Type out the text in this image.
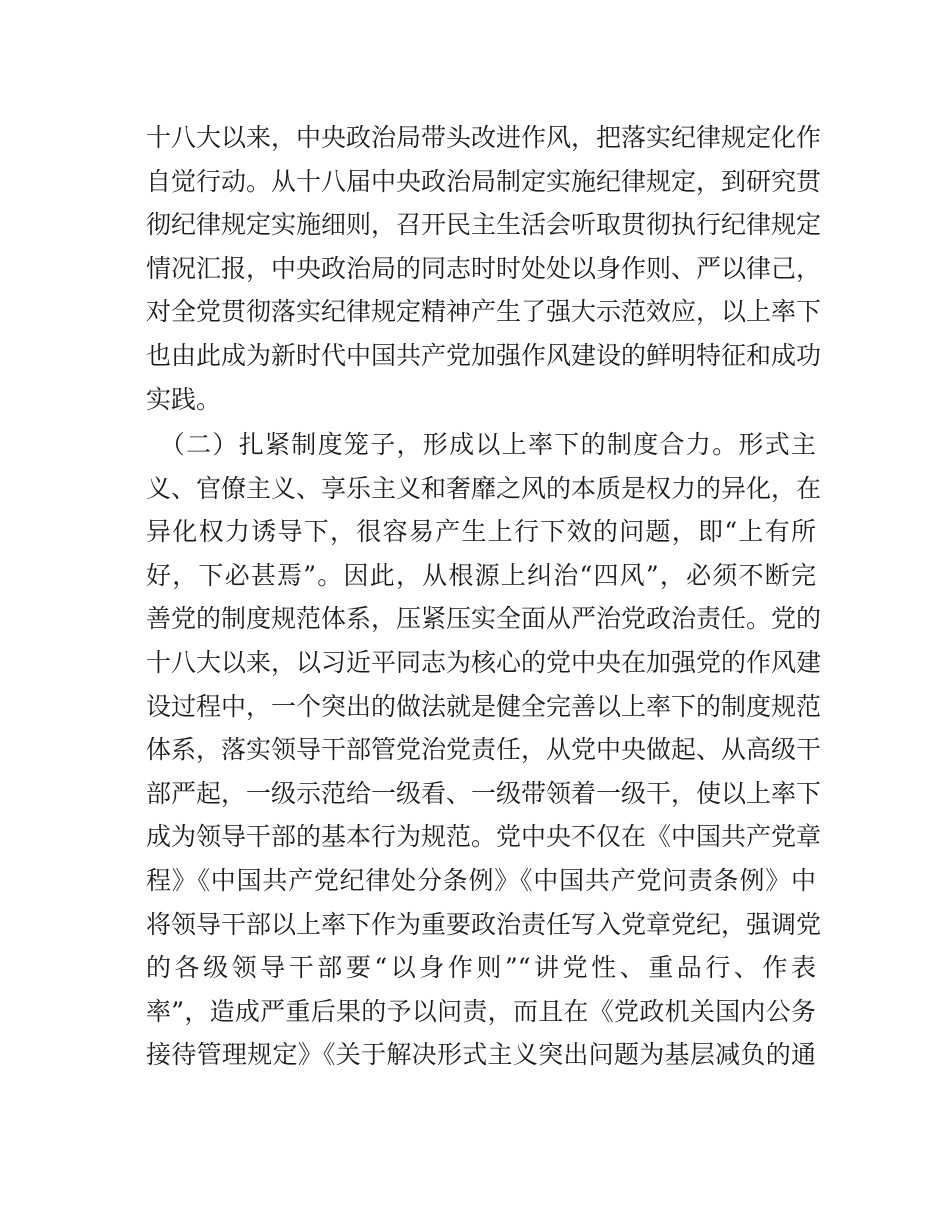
十八大以来，中央政治局带头改进作风，把落实纪律规定化作
自觉行动。从十八届中央政治局制定实施纪律规定，到研究贯
彻纪律规定实施细则，召开民主生活会听取贯彻执行纪律规定
情况汇报，中央政治局的同志时时处处以身作则、严以律己，
对全党贯彻落实纪律规定精神产生了强大示范效应，以上率下
也由此成为新时代中国共产党加强作风建设的鲜明特征和成功
实践。
　（二）扎紧制度笼子，形成以上率下的制度合力。形式主
义、官僚主义、享乐主义和奢靡之风的本质是权力的异化，在
异化权力诱导下，很容易产生上行下效的问题，即“上有所
好，下必甚焉”。因此，从根源上纠治“四风”，必须不断完
善党的制度规范体系，压紧压实全面从严治党政治责任。党的
十八大以来，以习近平同志为核心的党中央在加强党的作风建
设过程中，一个突出的做法就是健全完善以上率下的制度规范
体系，落实领导干部管党治党责任，从党中央做起、从高级干
部严起，一级示范给一级看、一级带领着一级干，使以上率下
成为领导干部的基本行为规范。党中央不仅在《中国共产党章
程》《中国共产党纪律处分条例》《中国共产党问责条例》中
将领导干部以上率下作为重要政治责任写入党章党纪，强调党
的各级领导干部要“以身作则”“讲党性、重品行、作表
率”，造成严重后果的予以问责，而且在《党政机关国内公务
接待管理规定》《关于解决形式主义突出问题为基层减负的通
